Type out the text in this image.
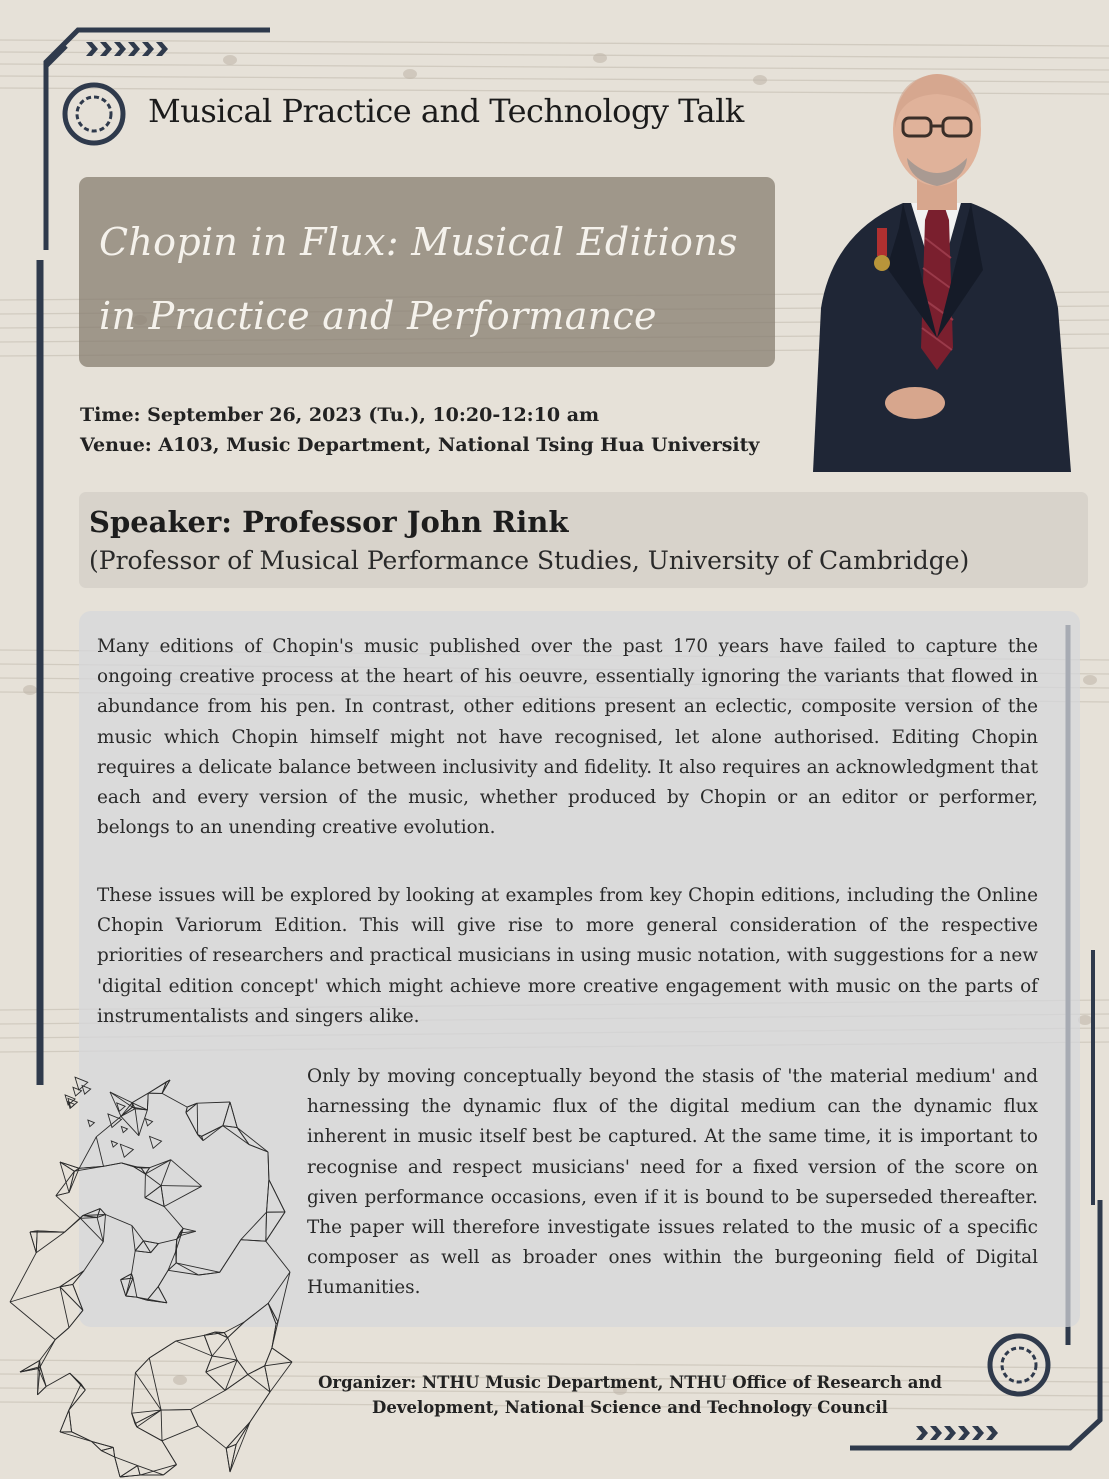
Musical Practice and Technology Talk
Chopin in Flux: Musical Editions
in Practice and Performance
Time: September 26, 2023 (Tu.), 10:20-12:10 am
Venue: A103, Music Department, National Tsing Hua University
Speaker: Professor John Rink
(Professor of Musical Performance Studies, University of Cambridge)

Many editions of Chopin's music published over the past 170 years have failed to capture the ongoing creative process at the heart of his oeuvre, essentially ignoring the variants that flowed in abundance from his pen. In contrast, other editions present an eclectic, composite version of the music which Chopin himself might not have recognised, let alone authorised. Editing Chopin requires a delicate balance between inclusivity and fidelity. It also requires an acknowledgment that each and every version of the music, whether produced by Chopin or an editor or performer, belongs to an unending creative evolution.

These issues will be explored by looking at examples from key Chopin editions, including the Online Chopin Variorum Edition. This will give rise to more general consideration of the respective priorities of researchers and practical musicians in using music notation, with suggestions for a new 'digital edition concept' which might achieve more creative engagement with music on the parts of instrumentalists and singers alike.

Only by moving conceptually beyond the stasis of 'the material medium' and harnessing the dynamic flux of the digital medium can the dynamic flux inherent in music itself best be captured. At the same time, it is important to recognise and respect musicians' need for a fixed version of the score on given performance occasions, even if it is bound to be superseded thereafter. The paper will therefore investigate issues related to the music of a specific composer as well as broader ones within the burgeoning field of Digital Humanities.

Organizer: NTHU Music Department, NTHU Office of Research and
Development, National Science and Technology Council
